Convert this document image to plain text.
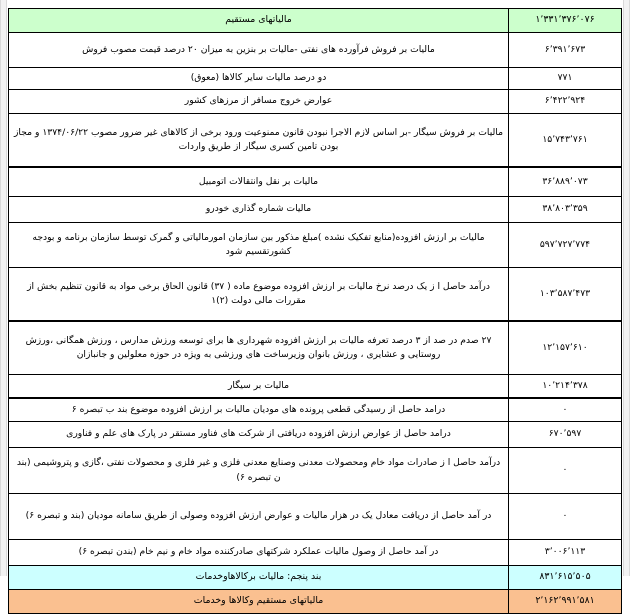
۱٬۳۳۱٬۳۷۶٬۰۷۶	مالیاتهای مستقیم
۶٬۳۹۱٬۶۷۳	مالیات بر فروش فرآورده های نفتی -مالیات بر بنزین به میزان ۲۰ درصد قیمت مصوب فروش
۷۷۱	دو درصد مالیات سایر کالاها (معوق)
۶٬۴۲۲٬۹۲۴	عوارض خروج مسافر از مرزهای کشور
۱۵٬۷۴۳٬۷۶۱	مالیات بر فروش سیگار -بر اساس لازم الاجرا نبودن قانون ممنوعیت ورود برخی از کالاهای غیر ضرور مصوب ۱۳۷۴/۰۶/۲۲ و مجاز بودن تامین کسری سیگار از طریق واردات
۳۶٬۸۸۹٬۰۷۳	مالیات بر نقل وانتقالات اتومبیل
۳۸٬۸۰۳٬۳۵۹	مالیات شماره گذاری خودرو
۵۹۷٬۷۲۷٬۷۷۴	مالیات بر ارزش افزوده(منابع تفکیک نشده )مبلغ مذکور بین سازمان امورمالیاتی و گمرک توسط سازمان برنامه و بودجه کشورتقسیم شود
۱۰۳٬۵۸۷٬۴۷۳	درآمد حاصل ا ز یک درصد نرخ مالیات بر ارزش افزوده موضوع ماده ( ۳۷) قانون الحاق برخی مواد به قانون تنظیم بخش از مقررات مالی دولت (۲)۱
۱۲٬۱۵۷٬۶۱۰	۲۷ صدم در صد از ۳ درصد تعرفه مالیات بر ارزش افزوده شهرداری ها برای توسعه ورزش مدارس ، ورزش همگانی ،ورزش روستایی و عشایری ، ورزش بانوان وزیرساخت های ورزشی به ویژه در حوزه معلولین و جانبازان
۱۰٬۲۱۴٬۳۷۸	مالیات بر سیگار
۰	درامد حاصل از رسیدگی قطعی پرونده های مودیان مالیات بر ارزش افزوده موضوع بند ب تبصره ۶
۶۷۰٬۵۹۷	درامد حاصل از عوارض ارزش افزوده دریافتی از شرکت های فناور مستقر در پارک های علم و فناوری
۰	درآمد حاصل ا ز صادرات مواد خام ومحصولات معدنی وصنایع معدنی فلزی و غیر فلزی و محصولات نفتی ،گازی و پتروشیمی (بند ن تبصره ۶)
۰	در آمد حاصل از دریافت معادل یک در هزار مالیات و عوارض ارزش افزوده وصولی از طریق سامانه مودیان (بند و تبصره ۶)
۳٬۰۰۶٬۱۱۳	در آمد حاصل از وصول مالیات عملکرد شرکتهای صادرکننده مواد خام و نیم خام (بندن تبصره ۶)
۸۳۱٬۶۱۵٬۵۰۵	بند پنجم: مالیات برکالاهاوخدمات
۲٬۱۶۲٬۹۹۱٬۵۸۱	مالیاتهای مستقیم وکالاها وخدمات
